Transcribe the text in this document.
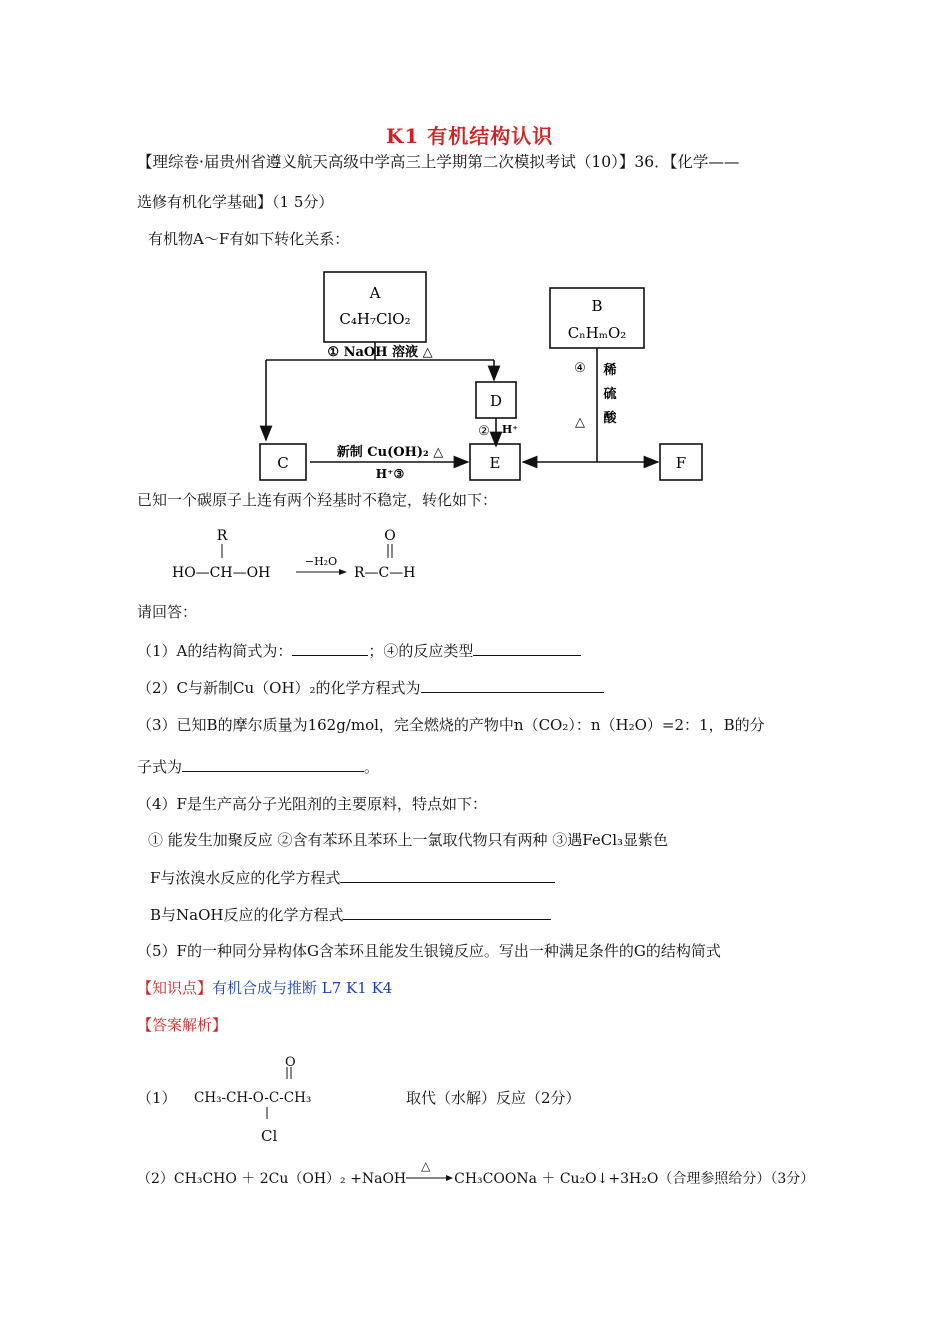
K1 有机结构认识
【理综卷·届贵州省遵义航天高级中学高三上学期第二次模拟考试（10）】36．【化学——
选修有机化学基础】（1 5分）
有机物A～F有如下转化关系：
A
C₄H₇ClO₂
① NaOH 溶液 △
D
② H⁺
C
新制 Cu(OH)₂ △
H⁺③
E
B
CₙHₘO₂
④
△
稀
硫
酸
F
已知一个碳原子上连有两个羟基时不稳定，转化如下：
R
HO—CH—OH
−H₂O
O
R—C—H
请回答：
（1）A的结构简式为：	；④的反应类型
（2）C与新制Cu（OH）₂的化学方程式为
（3）已知B的摩尔质量为162g/mol，完全燃烧的产物中n（CO₂）：n（H₂O）=2：1，B的分
子式为	。
（4）F是生产高分子光阻剂的主要原料，特点如下：
① 能发生加聚反应 ②含有苯环且苯环上一氯取代物只有两种 ③遇FeCl₃显紫色
F与浓溴水反应的化学方程式
B与NaOH反应的化学方程式
（5）F的一种同分异构体G含苯环且能发生银镜反应。写出一种满足条件的G的结构简式
【知识点】有机合成与推断 L7 K1 K4
【答案解析】
（1）
O
CH₃-CH-O-C-CH₃
Cl
取代（水解）反应（2分）
（2）CH₃CHO ＋ 2Cu（OH）₂ +NaOH
△
CH₃COONa ＋ Cu₂O↓+3H₂O（合理参照给分）（3分）
